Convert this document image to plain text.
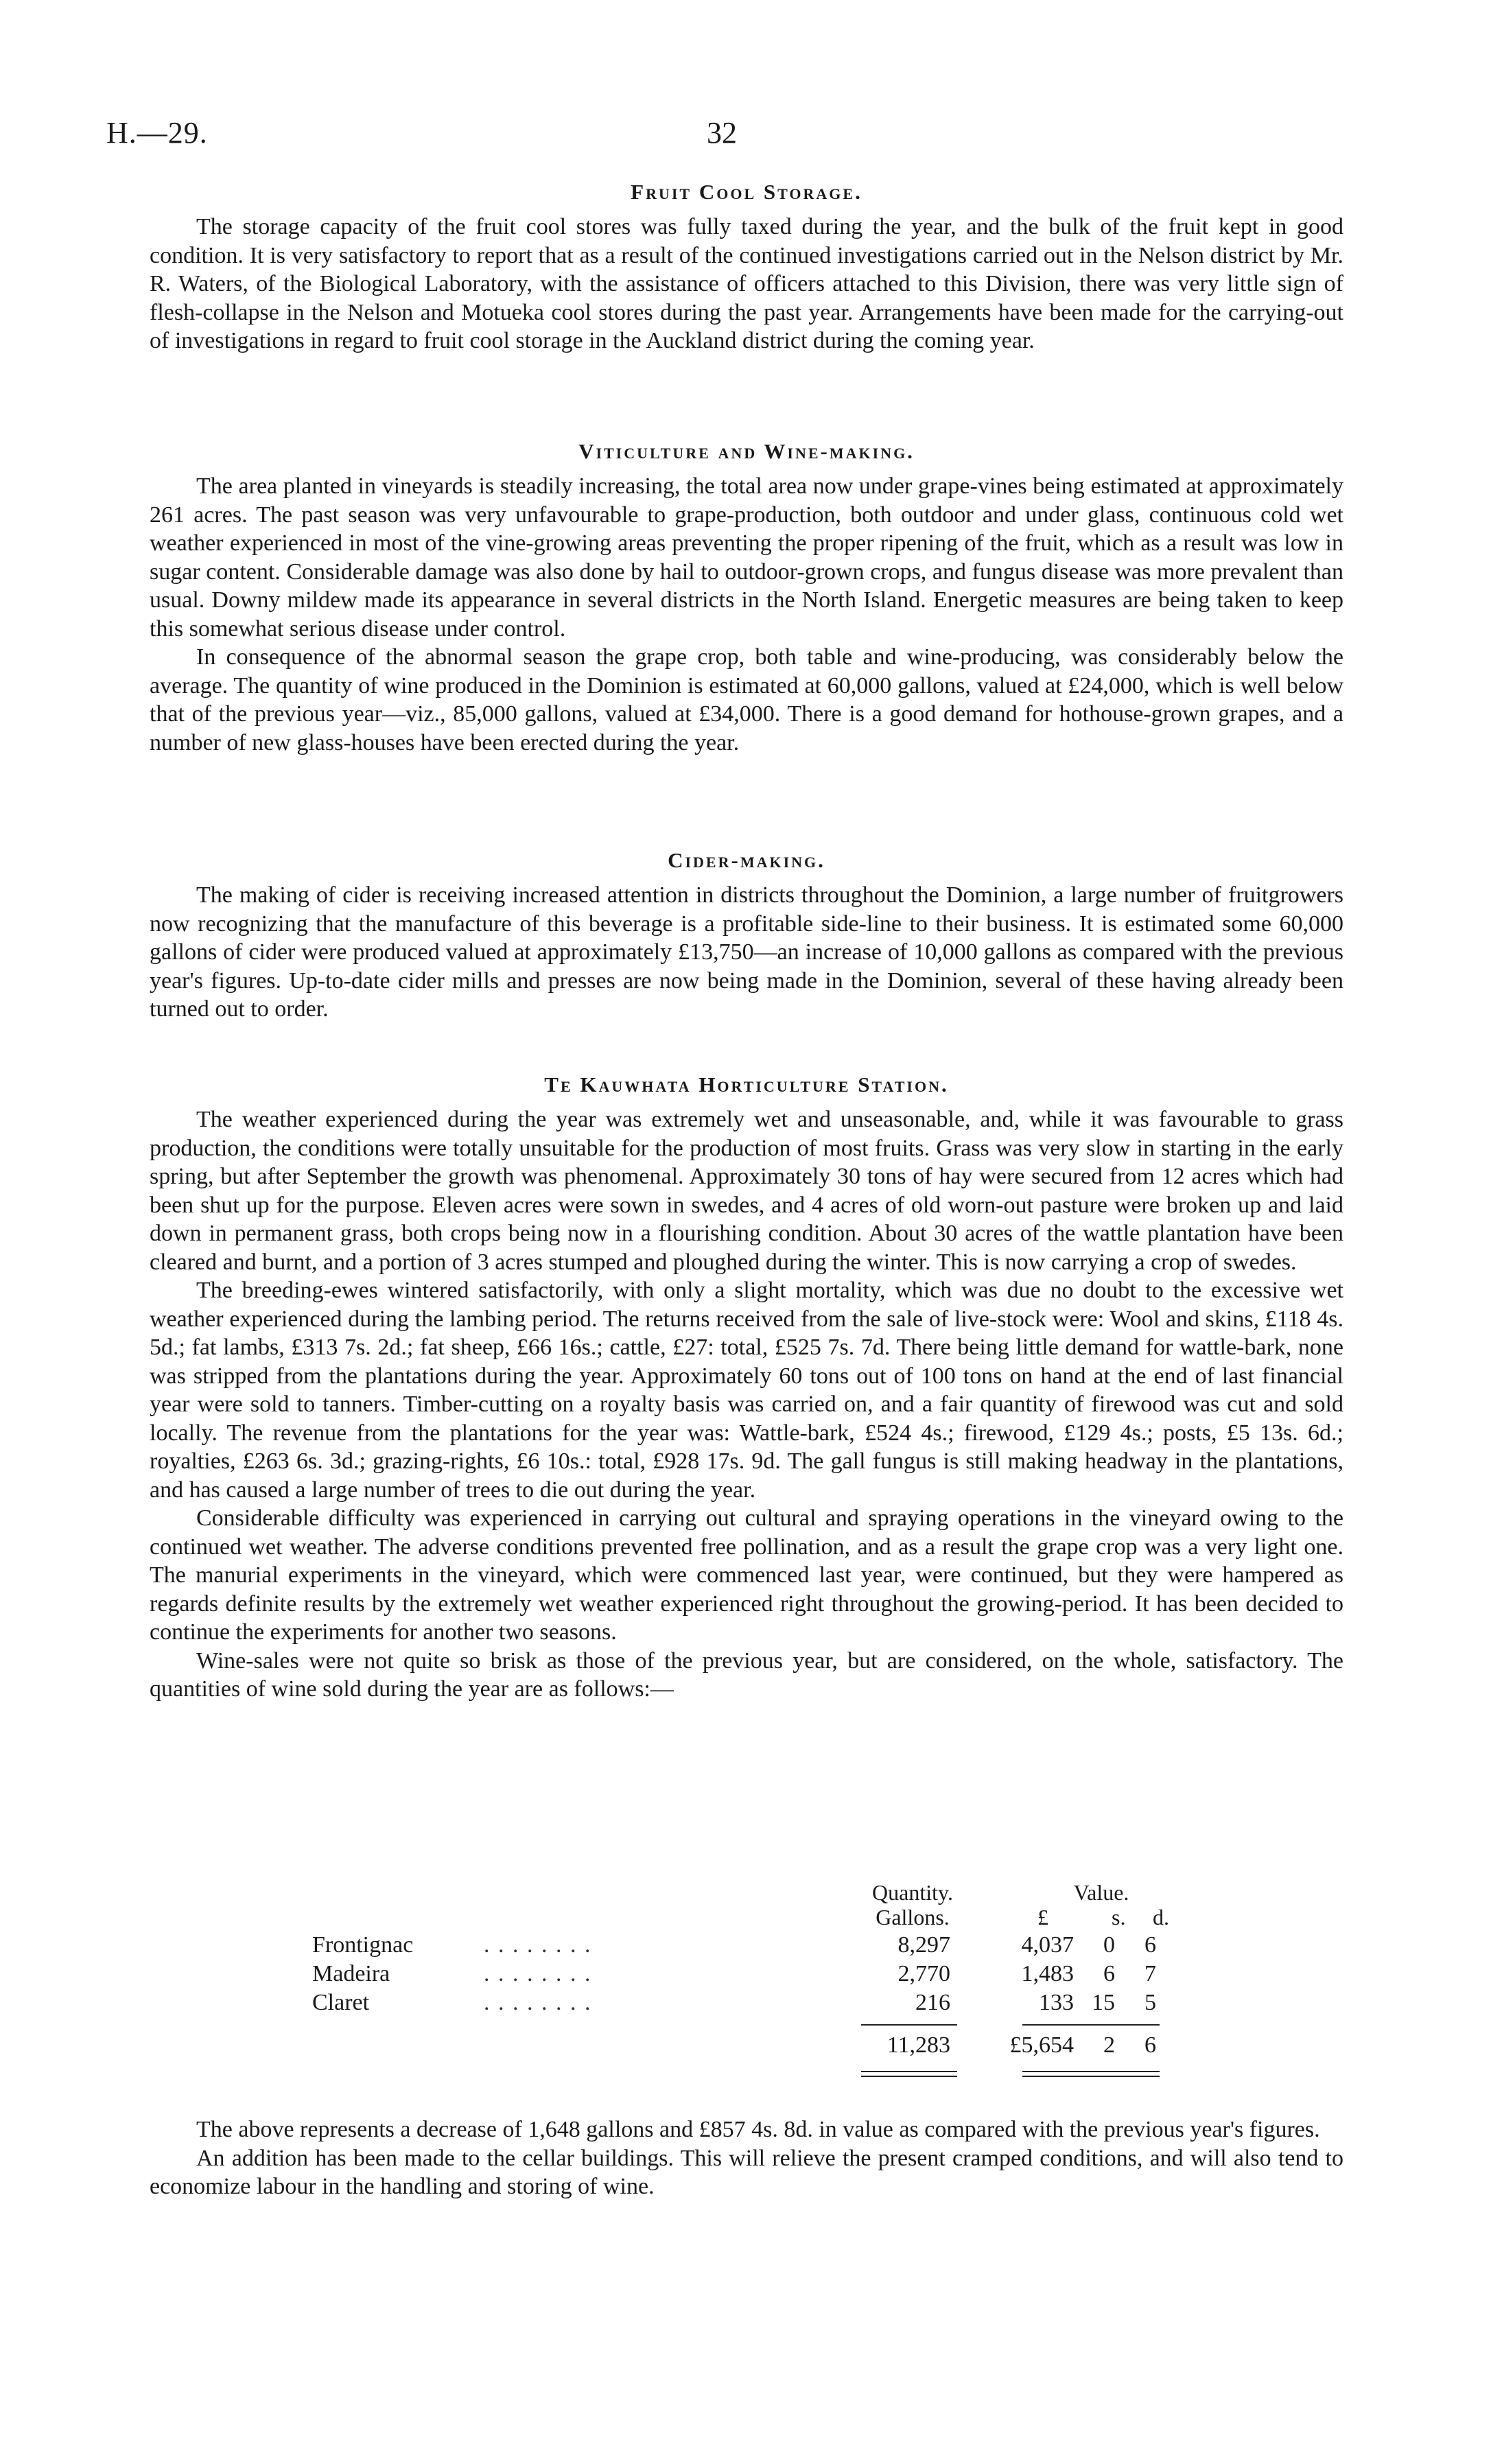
H.—29.	32
Fruit Cool Storage.

The storage capacity of the fruit cool stores was fully taxed during the year, and the bulk of the fruit kept in good condition. It is very satisfactory to report that as a result of the continued investigations carried out in the Nelson district by Mr. R. Waters, of the Biological Laboratory, with the assistance of officers attached to this Division, there was very little sign of flesh-collapse in the Nelson and Motueka cool stores during the past year. Arrangements have been made for the carrying-out of investigations in regard to fruit cool storage in the Auckland district during the coming year.

Viticulture and Wine-making.

The area planted in vineyards is steadily increasing, the total area now under grape-vines being estimated at approximately 261 acres. The past season was very unfavourable to grape-production, both outdoor and under glass, continuous cold wet weather experienced in most of the vine-growing areas preventing the proper ripening of the fruit, which as a result was low in sugar content. Considerable damage was also done by hail to outdoor-grown crops, and fungus disease was more prevalent than usual. Downy mildew made its appearance in several districts in the North Island. Energetic measures are being taken to keep this somewhat serious disease under control.

In consequence of the abnormal season the grape crop, both table and wine-producing, was considerably below the average. The quantity of wine produced in the Dominion is estimated at 60,000 gallons, valued at £24,000, which is well below that of the previous year—viz., 85,000 gallons, valued at £34,000. There is a good demand for hothouse-grown grapes, and a number of new glass-houses have been erected during the year.

Cider-making.

The making of cider is receiving increased attention in districts throughout the Dominion, a large number of fruitgrowers now recognizing that the manufacture of this beverage is a profitable side-line to their business. It is estimated some 60,000 gallons of cider were produced valued at approximately £13,750—an increase of 10,000 gallons as compared with the previous year's figures. Up-to-date cider mills and presses are now being made in the Dominion, several of these having already been turned out to order.

Te Kauwhata Horticulture Station.

The weather experienced during the year was extremely wet and unseasonable, and, while it was favourable to grass production, the conditions were totally unsuitable for the production of most fruits. Grass was very slow in starting in the early spring, but after September the growth was phenomenal. Approximately 30 tons of hay were secured from 12 acres which had been shut up for the purpose. Eleven acres were sown in swedes, and 4 acres of old worn-out pasture were broken up and laid down in permanent grass, both crops being now in a flourishing condition. About 30 acres of the wattle plantation have been cleared and burnt, and a portion of 3 acres stumped and ploughed during the winter. This is now carrying a crop of swedes.

The breeding-ewes wintered satisfactorily, with only a slight mortality, which was due no doubt to the excessive wet weather experienced during the lambing period. The returns received from the sale of live-stock were: Wool and skins, £118 4s. 5d.; fat lambs, £313 7s. 2d.; fat sheep, £66 16s.; cattle, £27: total, £525 7s. 7d. There being little demand for wattle-bark, none was stripped from the plantations during the year. Approximately 60 tons out of 100 tons on hand at the end of last financial year were sold to tanners. Timber-cutting on a royalty basis was carried on, and a fair quantity of firewood was cut and sold locally. The revenue from the plantations for the year was: Wattle-bark, £524 4s.; firewood, £129 4s.; posts, £5 13s. 6d.; royalties, £263 6s. 3d.; grazing-rights, £6 10s.: total, £928 17s. 9d. The gall fungus is still making headway in the plantations, and has caused a large number of trees to die out during the year.

Considerable difficulty was experienced in carrying out cultural and spraying operations in the vineyard owing to the continued wet weather. The adverse conditions prevented free pollination, and as a result the grape crop was a very light one. The manurial experiments in the vineyard, which were commenced last year, were continued, but they were hampered as regards definite results by the extremely wet weather experienced right throughout the growing-period. It has been decided to continue the experiments for another two seasons.

Wine-sales were not quite so brisk as those of the previous year, but are considered, on the whole, satisfactory. The quantities of wine sold during the year are as follows:—

Quantity.
Gallons.
Value.
£	s. d.
Frontignac	. . . . . . . .	8,297	4,037	0	6
Madeira	. . . . . . . .	2,770	1,483	6	7
Claret	. . . . . . . .	216	133 15	5
11,283	£5,654	2	6

The above represents a decrease of 1,648 gallons and £857 4s. 8d. in value as compared with the previous year's figures.

An addition has been made to the cellar buildings. This will relieve the present cramped conditions, and will also tend to economize labour in the handling and storing of wine.
